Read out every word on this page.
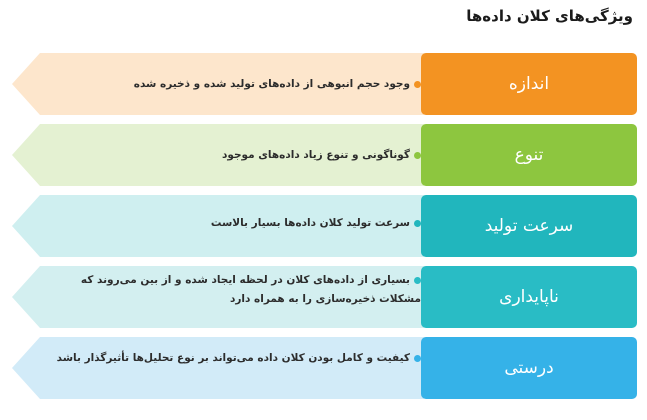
ویژگی‌های کلان داده‌ها
وجود حجم انبوهی از داده‌های تولید شده و ذخیره شده	اندازه
گوناگونی و تنوع زیاد داده‌های موجود	تنوع
سرعت تولید کلان داده‌ها بسیار بالاست	سرعت تولید
بسیاری از داده‌های کلان در لحظه ایجاد شده و از بین می‌روند که
مشکلات ذخیره‌سازی را به همراه دارد	ناپایداری
کیفیت و کامل بودن کلان داده می‌تواند بر نوع تحلیل‌ها تأثیرگذار باشد	درستی
